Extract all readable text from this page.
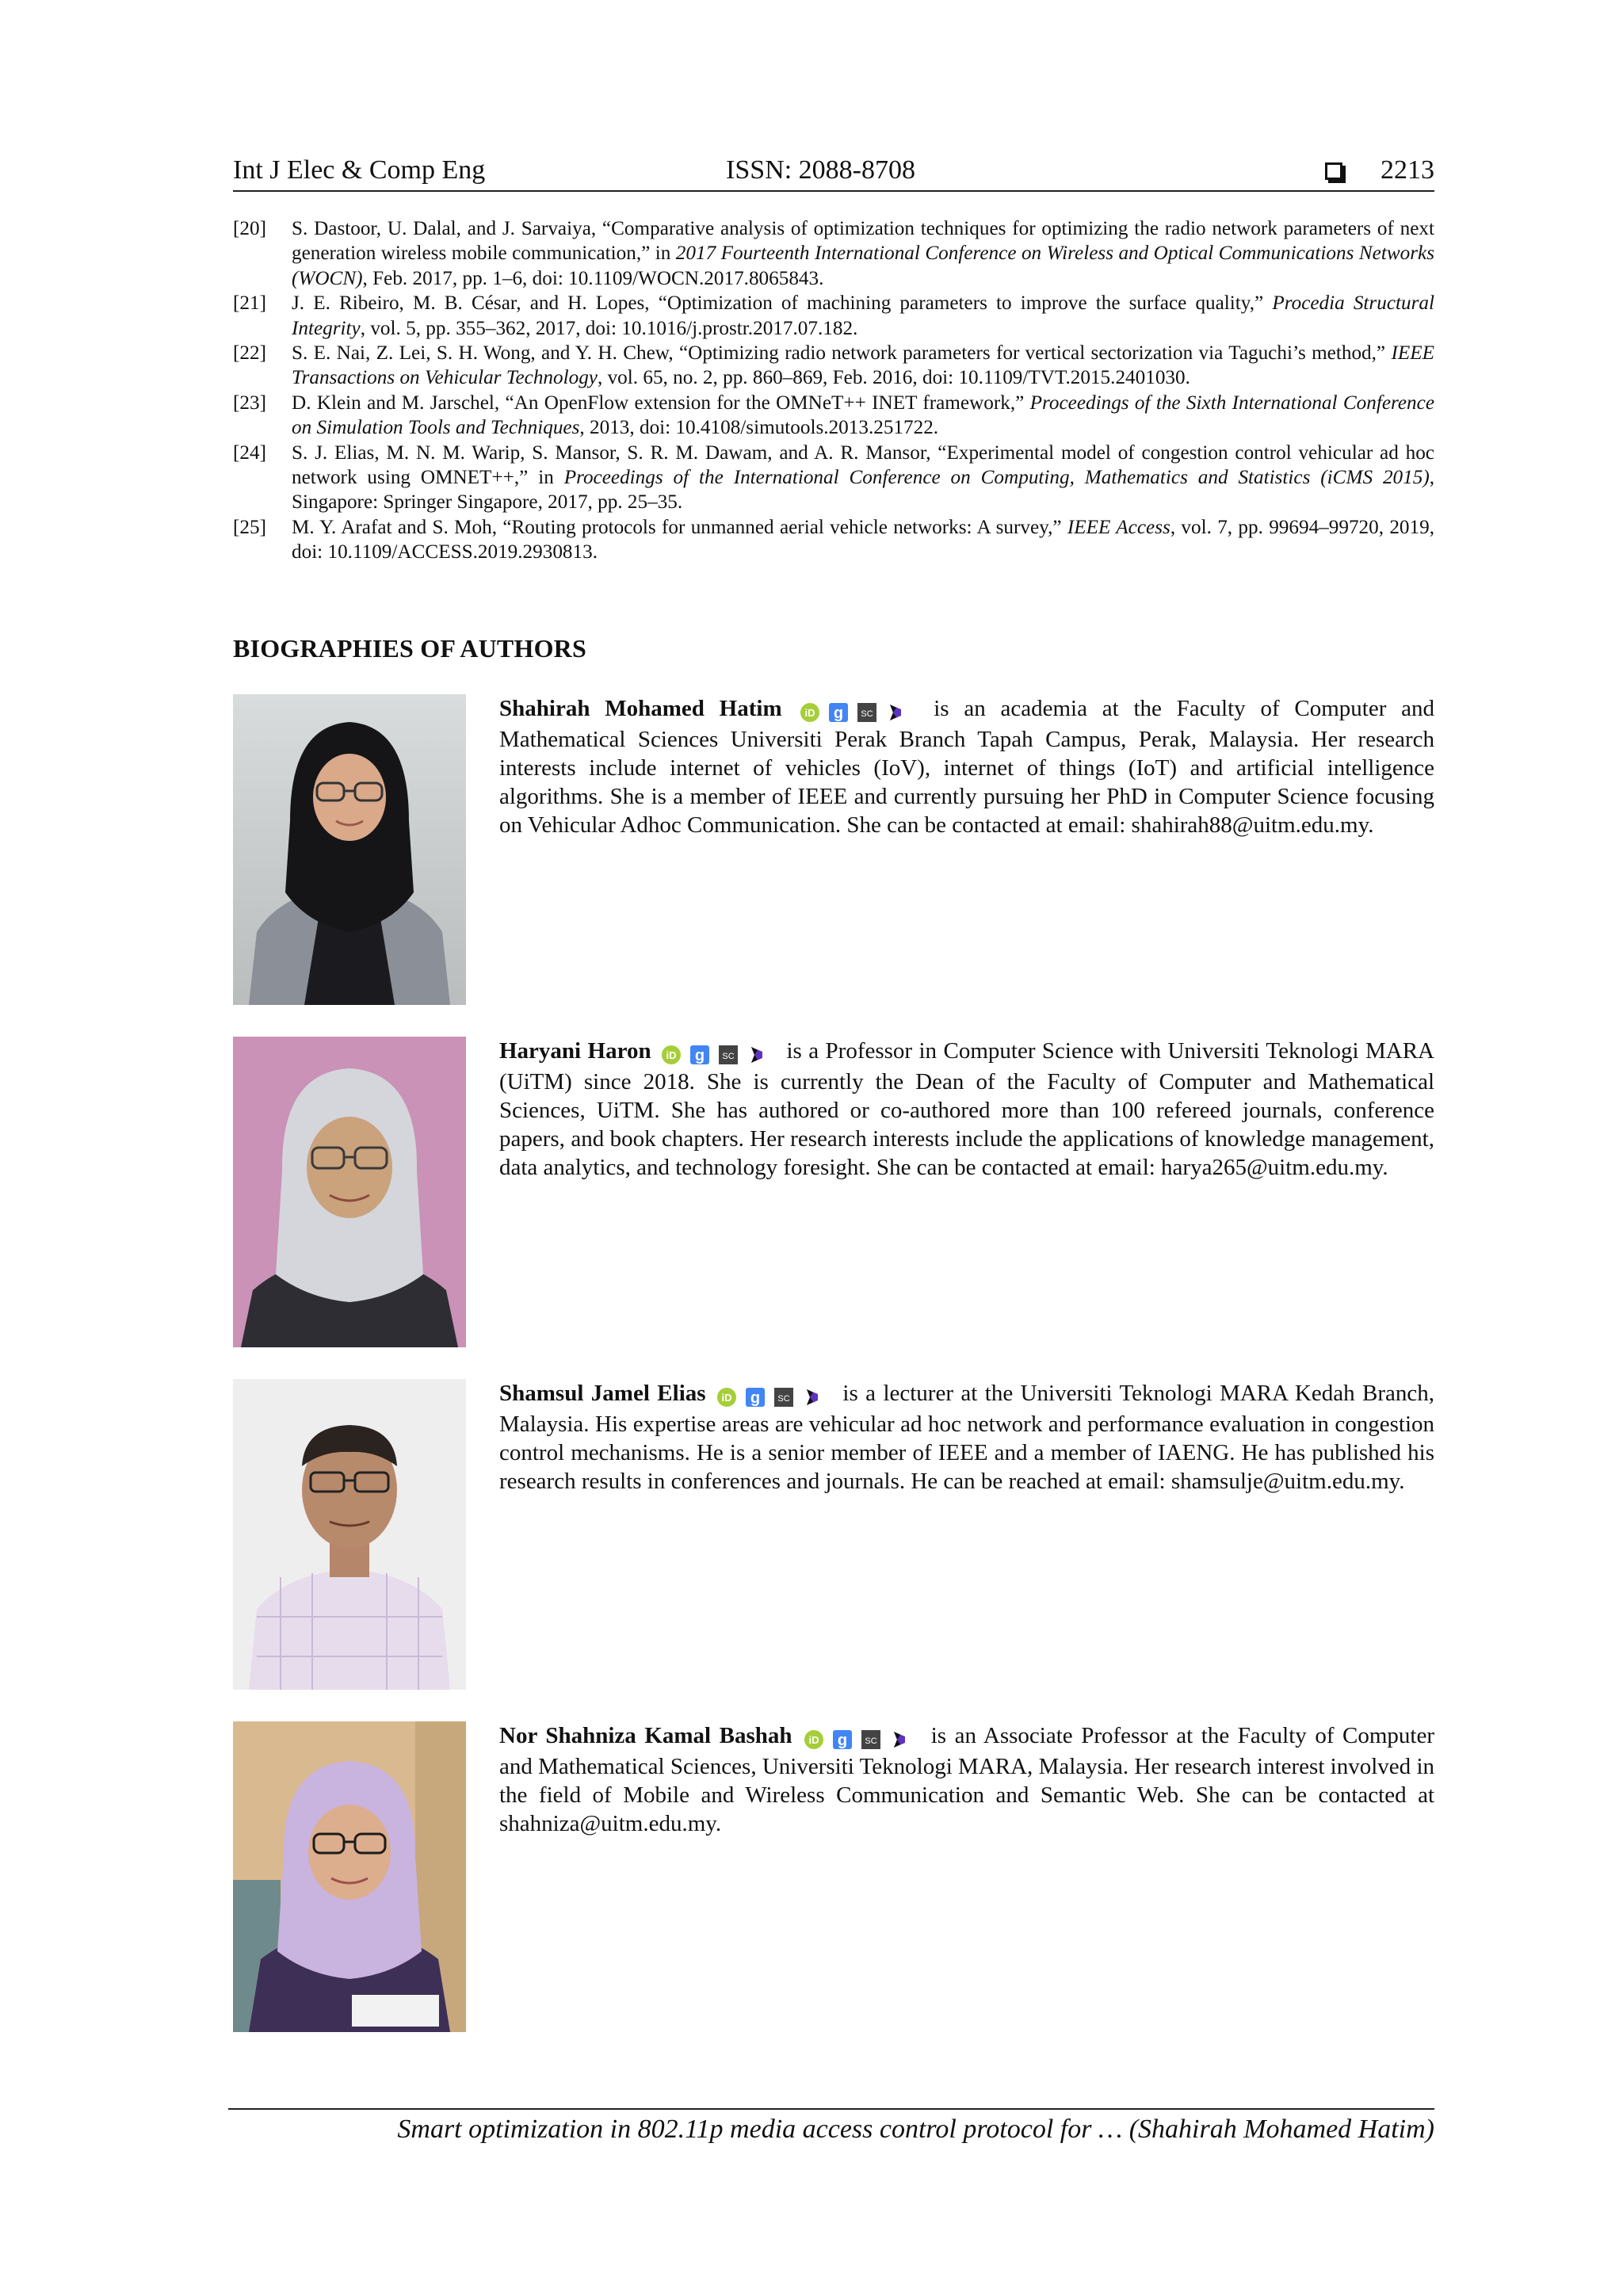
Int J Elec & Comp Eng	ISSN: 2088-8708	2213
[20]	S. Dastoor, U. Dalal, and J. Sarvaiya, “Comparative analysis of optimization techniques for optimizing the radio network parameters of next generation wireless mobile communication,” in 2017 Fourteenth International Conference on Wireless and Optical Communications Networks (WOCN), Feb. 2017, pp. 1–6, doi: 10.1109/WOCN.2017.8065843.
[21]	J. E. Ribeiro, M. B. César, and H. Lopes, “Optimization of machining parameters to improve the surface quality,” Procedia Structural Integrity, vol. 5, pp. 355–362, 2017, doi: 10.1016/j.prostr.2017.07.182.
[22]	S. E. Nai, Z. Lei, S. H. Wong, and Y. H. Chew, “Optimizing radio network parameters for vertical sectorization via Taguchi’s method,” IEEE Transactions on Vehicular Technology, vol. 65, no. 2, pp. 860–869, Feb. 2016, doi: 10.1109/TVT.2015.2401030.
[23]	D. Klein and M. Jarschel, “An OpenFlow extension for the OMNeT++ INET framework,” Proceedings of the Sixth International Conference on Simulation Tools and Techniques, 2013, doi: 10.4108/simutools.2013.251722.
[24]	S. J. Elias, M. N. M. Warip, S. Mansor, S. R. M. Dawam, and A. R. Mansor, “Experimental model of congestion control vehicular ad hoc network using OMNET++,” in Proceedings of the International Conference on Computing, Mathematics and Statistics (iCMS 2015), Singapore: Springer Singapore, 2017, pp. 25–35.
[25]	M. Y. Arafat and S. Moh, “Routing protocols for unmanned aerial vehicle networks: A survey,” IEEE Access, vol. 7, pp. 99694–99720, 2019, doi: 10.1109/ACCESS.2019.2930813.
BIOGRAPHIES OF AUTHORS
Shahirah Mohamed Hatim iD g SC	is an academia at the Faculty of Computer and Mathematical Sciences Universiti Perak Branch Tapah Campus, Perak, Malaysia. Her research interests include internet of vehicles (IoV), internet of things (IoT) and artificial intelligence algorithms. She is a member of IEEE and currently pursuing her PhD in Computer Science focusing on Vehicular Adhoc Communication. She can be contacted at email: shahirah88@uitm.edu.my.
Haryani Haron iD g SC is a Professor in Computer Science with Universiti Teknologi MARA (UiTM) since 2018. She is currently the Dean of the Faculty of Computer and Mathematical Sciences, UiTM. She has authored or co-authored more than 100 refereed journals, conference papers, and book chapters. Her research interests include the applications of knowledge management, data analytics, and technology foresight. She can be contacted at email: harya265@uitm.edu.my.
Shamsul Jamel Elias iD g SC is a lecturer at the Universiti Teknologi MARA Kedah Branch, Malaysia. His expertise areas are vehicular ad hoc network and performance evaluation in congestion control mechanisms. He is a senior member of IEEE and a member of IAENG. He has published his research results in conferences and journals. He can be reached at email: shamsulje@uitm.edu.my.
Nor Shahniza Kamal Bashah iD g SC is an Associate Professor at the Faculty of Computer and Mathematical Sciences, Universiti Teknologi MARA, Malaysia. Her research interest involved in the field of Mobile and Wireless Communication and Semantic Web. She can be contacted at shahniza@uitm.edu.my.
Smart optimization in 802.11p media access control protocol for … (Shahirah Mohamed Hatim)
